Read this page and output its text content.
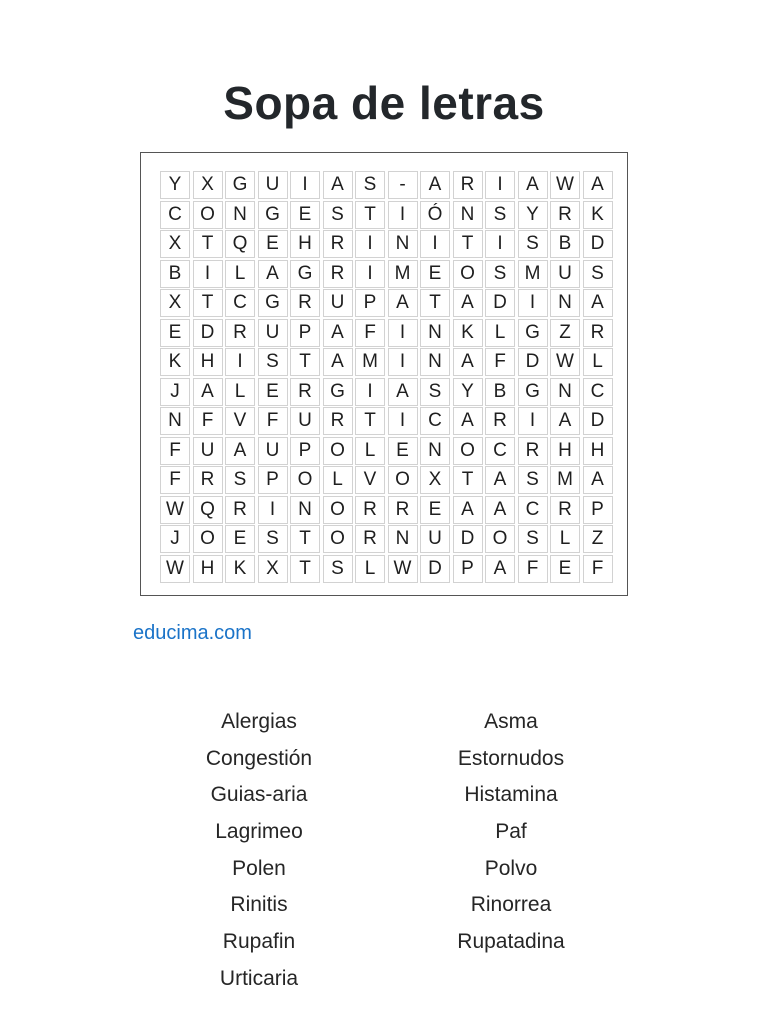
Sopa de letras
Y	X G U	I	A	S	-	A	R	I	A W A
C O N G E	S	T	I	Ó N	S	Y	R	K
X	T	Q E	H R	I	N	I	T	I	S	B	D
B	I	L	A G R	I	M E O S M U	S
X	T	C G R U	P	A	T	A	D	I	N	A
E	D R U	P	A	F	I	N	K	L	G	Z	R
K	H	I	S	T	A M	I	N	A	F	D W L
J	A	L	E	R G	I	A	S	Y	B G N C
N	F	V	F	U R	T	I	C	A	R	I	A	D
F	U	A	U	P O	L	E	N O C R H H
F	R	S	P O	L	V O X	T	A	S M A
W Q R	I	N O R R	E	A	A	C R	P
J	O E	S	T	O R N U D O S	L	Z
W H	K	X	T	S	L W D	P	A	F	E	F
educima.com
Alergias
Congestión
Guias-aria
Lagrimeo
Polen
Rinitis
Rupafin
Urticaria
Asma
Estornudos
Histamina
Paf
Polvo
Rinorrea
Rupatadina
